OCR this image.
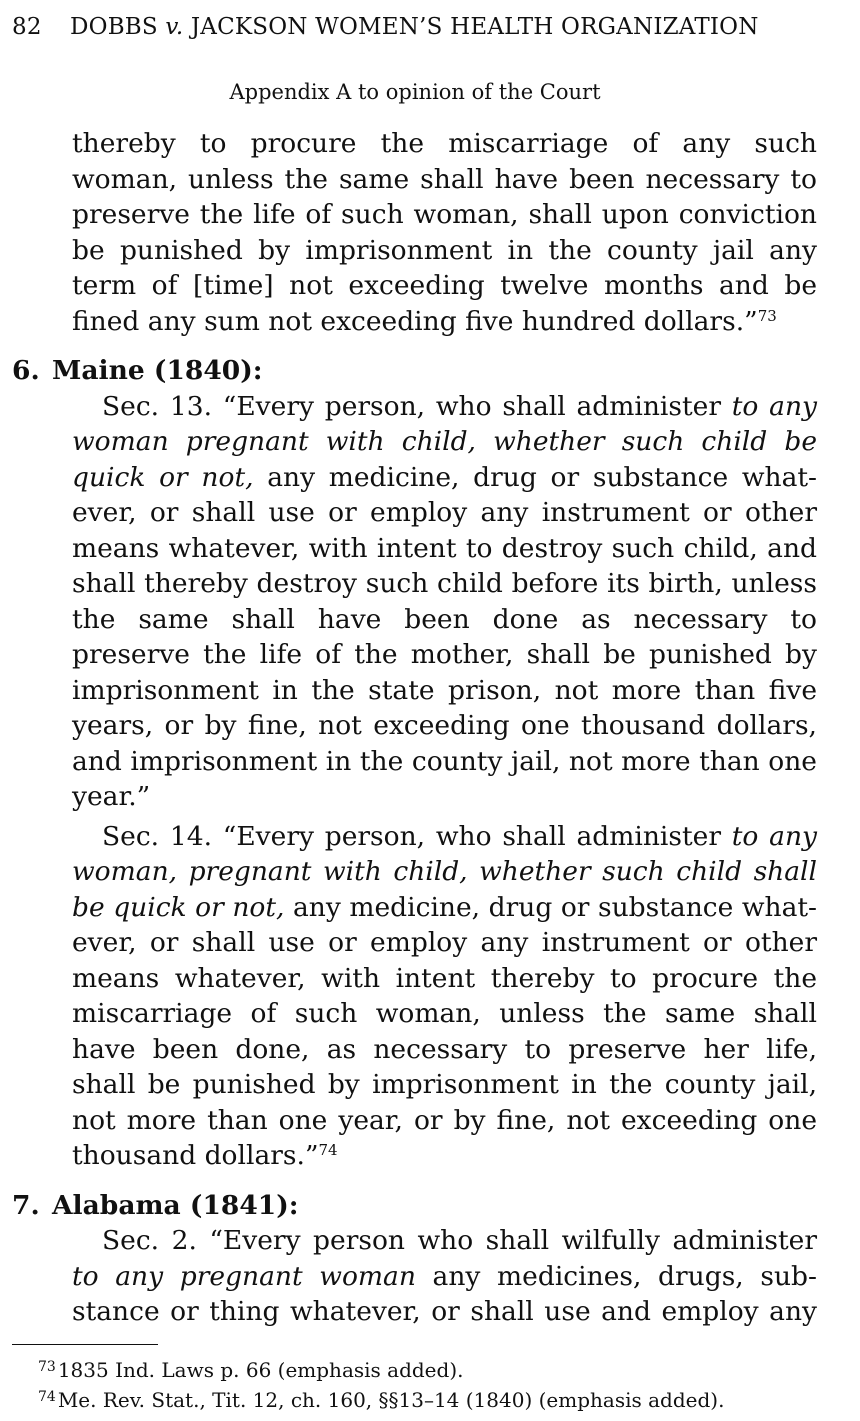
82 DOBBS v. JACKSON WOMEN’S HEALTH ORGANIZATION
Appendix A to opinion of the Court

thereby to procure the miscarriage of any such woman, unless the same shall have been necessary to preserve the life of such woman, shall upon conviction be punished by imprisonment in the county jail any term of [time] not exceeding twelve months and be fined any sum not exceeding five hundred dollars.”$^{73}$

6. Maine (1840):

Sec. 13. “Every person, who shall administer to any woman pregnant with child, whether such child be quick or not, any medicine, drug or substance whatever, or shall use or employ any instrument or other means whatever, with intent to destroy such child, and shall thereby destroy such child before its birth, unless the same shall have been done as necessary to preserve the life of the mother, shall be punished by imprisonment in the state prison, not more than five years, or by fine, not exceeding one thousand dollars, and imprisonment in the county jail, not more than one year.”

Sec. 14. “Every person, who shall administer to any woman, pregnant with child, whether such child shall be quick or not, any medicine, drug or substance whatever, or shall use or employ any instrument or other means whatever, with intent thereby to procure the miscarriage of such woman, unless the same shall have been done, as necessary to preserve her life, shall be punished by imprisonment in the county jail, not more than one year, or by fine, not exceeding one thousand dollars.”$^{74}$

7. Alabama (1841):

Sec. 2. “Every person who shall wilfully administer to any pregnant woman any medicines, drugs, substance or thing whatever, or shall use and employ any

$^{73}$ 1835 Ind. Laws p. 66 (emphasis added).
$^{74}$ Me. Rev. Stat., Tit. 12, ch. 160, §§13–14 (1840) (emphasis added).
